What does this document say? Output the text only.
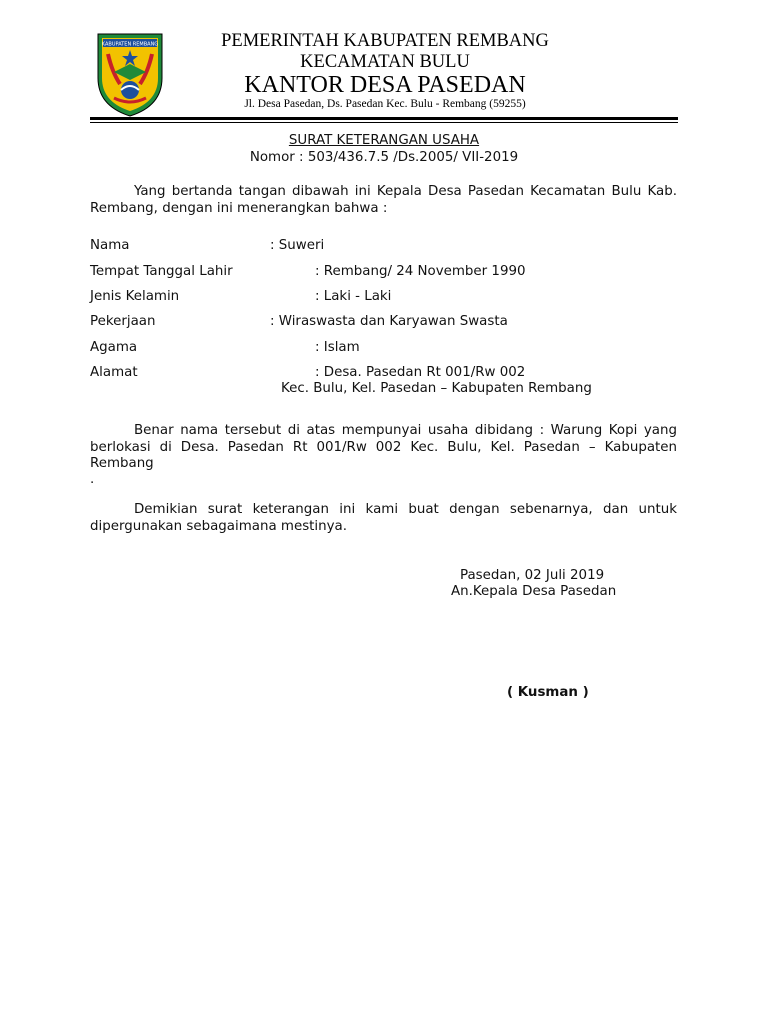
KABUPATEN REMBANG	PEMERINTAH KABUPATEN REMBANG
KECAMATAN BULU
KANTOR DESA PASEDAN
Jl. Desa Pasedan, Ds. Pasedan Kec. Bulu - Rembang (59255)
SURAT KETERANGAN USAHA
Nomor : 503/436.7.5 /Ds.2005/ VII-2019
Yang bertanda tangan dibawah ini Kepala Desa Pasedan Kecamatan Bulu Kab. Rembang, dengan ini menerangkan bahwa :
Nama	: Suweri
Tempat Tanggal Lahir	: Rembang/ 24 November 1990
Jenis Kelamin	: Laki - Laki
Pekerjaan	: Wiraswasta dan Karyawan Swasta
Agama	: Islam
Alamat	: Desa. Pasedan Rt 001/Rw 002
Kec. Bulu, Kel. Pasedan – Kabupaten Rembang
Benar nama tersebut di atas mempunyai usaha dibidang : Warung Kopi yang berlokasi di Desa. Pasedan Rt 001/Rw 002 Kec. Bulu, Kel. Pasedan – Kabupaten Rembang
.
Demikian surat keterangan ini kami buat dengan sebenarnya, dan untuk dipergunakan sebagaimana mestinya.
Pasedan, 02 Juli 2019
An.Kepala Desa Pasedan
( Kusman )
